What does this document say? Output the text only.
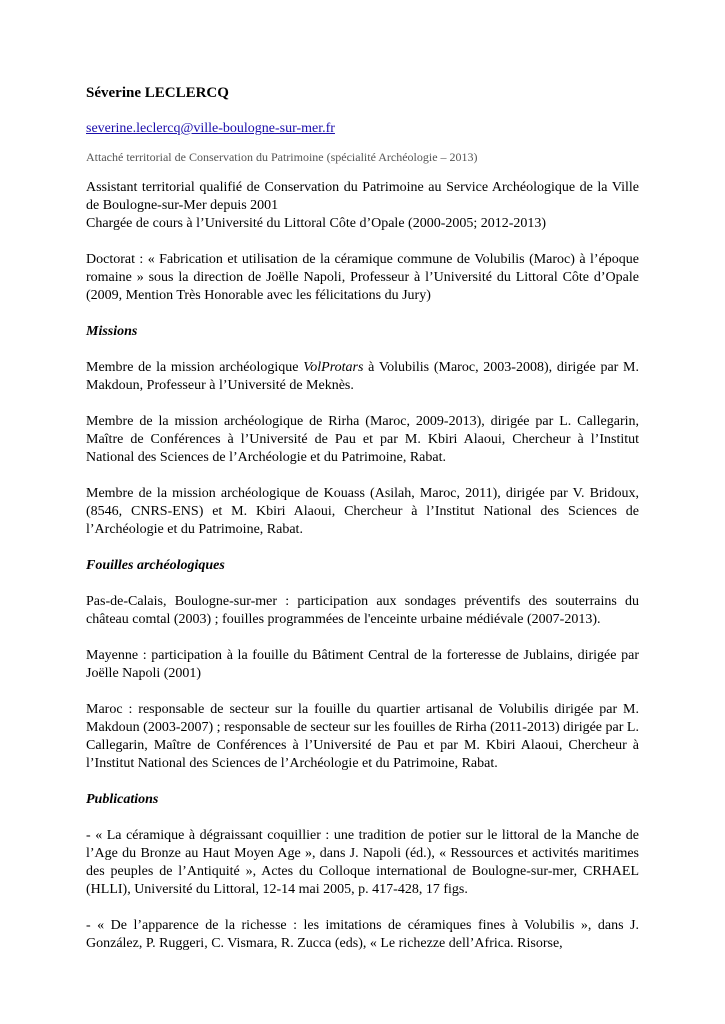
Séverine LECLERCQ
severine.leclercq@ville-boulogne-sur-mer.fr
Attaché territorial de Conservation du Patrimoine (spécialité Archéologie – 2013)

Assistant territorial qualifié de Conservation du Patrimoine au Service Archéologique de la Ville de Boulogne-sur-Mer depuis 2001

Chargée de cours à l’Université du Littoral Côte d’Opale (2000-2005; 2012-2013)

Doctorat : « Fabrication et utilisation de la céramique commune de Volubilis (Maroc) à l’époque romaine » sous la direction de Joëlle Napoli, Professeur à l’Université du Littoral Côte d’Opale (2009, Mention Très Honorable avec les félicitations du Jury)

Missions

Membre de la mission archéologique VolProtars à Volubilis (Maroc, 2003-2008), dirigée par M. Makdoun, Professeur à l’Université de Meknès.

Membre de la mission archéologique de Rirha (Maroc, 2009-2013), dirigée par L. Callegarin, Maître de Conférences à l’Université de Pau et par M. Kbiri Alaoui, Chercheur à l’Institut National des Sciences de l’Archéologie et du Patrimoine, Rabat.

Membre de la mission archéologique de Kouass (Asilah, Maroc, 2011), dirigée par V. Bridoux, (8546, CNRS-ENS) et M. Kbiri Alaoui, Chercheur à l’Institut National des Sciences de l’Archéologie et du Patrimoine, Rabat.

Fouilles archéologiques

Pas-de-Calais, Boulogne-sur-mer : participation aux sondages préventifs des souterrains du château comtal (2003) ; fouilles programmées de l'enceinte urbaine médiévale (2007-2013).

Mayenne : participation à la fouille du Bâtiment Central de la forteresse de Jublains, dirigée par Joëlle Napoli (2001)

Maroc : responsable de secteur sur la fouille du quartier artisanal de Volubilis dirigée par M. Makdoun (2003-2007) ; responsable de secteur sur les fouilles de Rirha (2011-2013) dirigée par L. Callegarin, Maître de Conférences à l’Université de Pau et par M. Kbiri Alaoui, Chercheur à l’Institut National des Sciences de l’Archéologie et du Patrimoine, Rabat.

Publications

- « La céramique à dégraissant coquillier : une tradition de potier sur le littoral de la Manche de l’Age du Bronze au Haut Moyen Age », dans J. Napoli (éd.), « Ressources et activités maritimes des peuples de l’Antiquité », Actes du Colloque international de Boulogne-sur-mer, CRHAEL (HLLI), Université du Littoral, 12-14 mai 2005, p. 417-428, 17 figs.

- « De l’apparence de la richesse : les imitations de céramiques fines à Volubilis », dans J. González, P. Ruggeri, C. Vismara, R. Zucca (eds), « Le richezze dell’Africa. Risorse,
